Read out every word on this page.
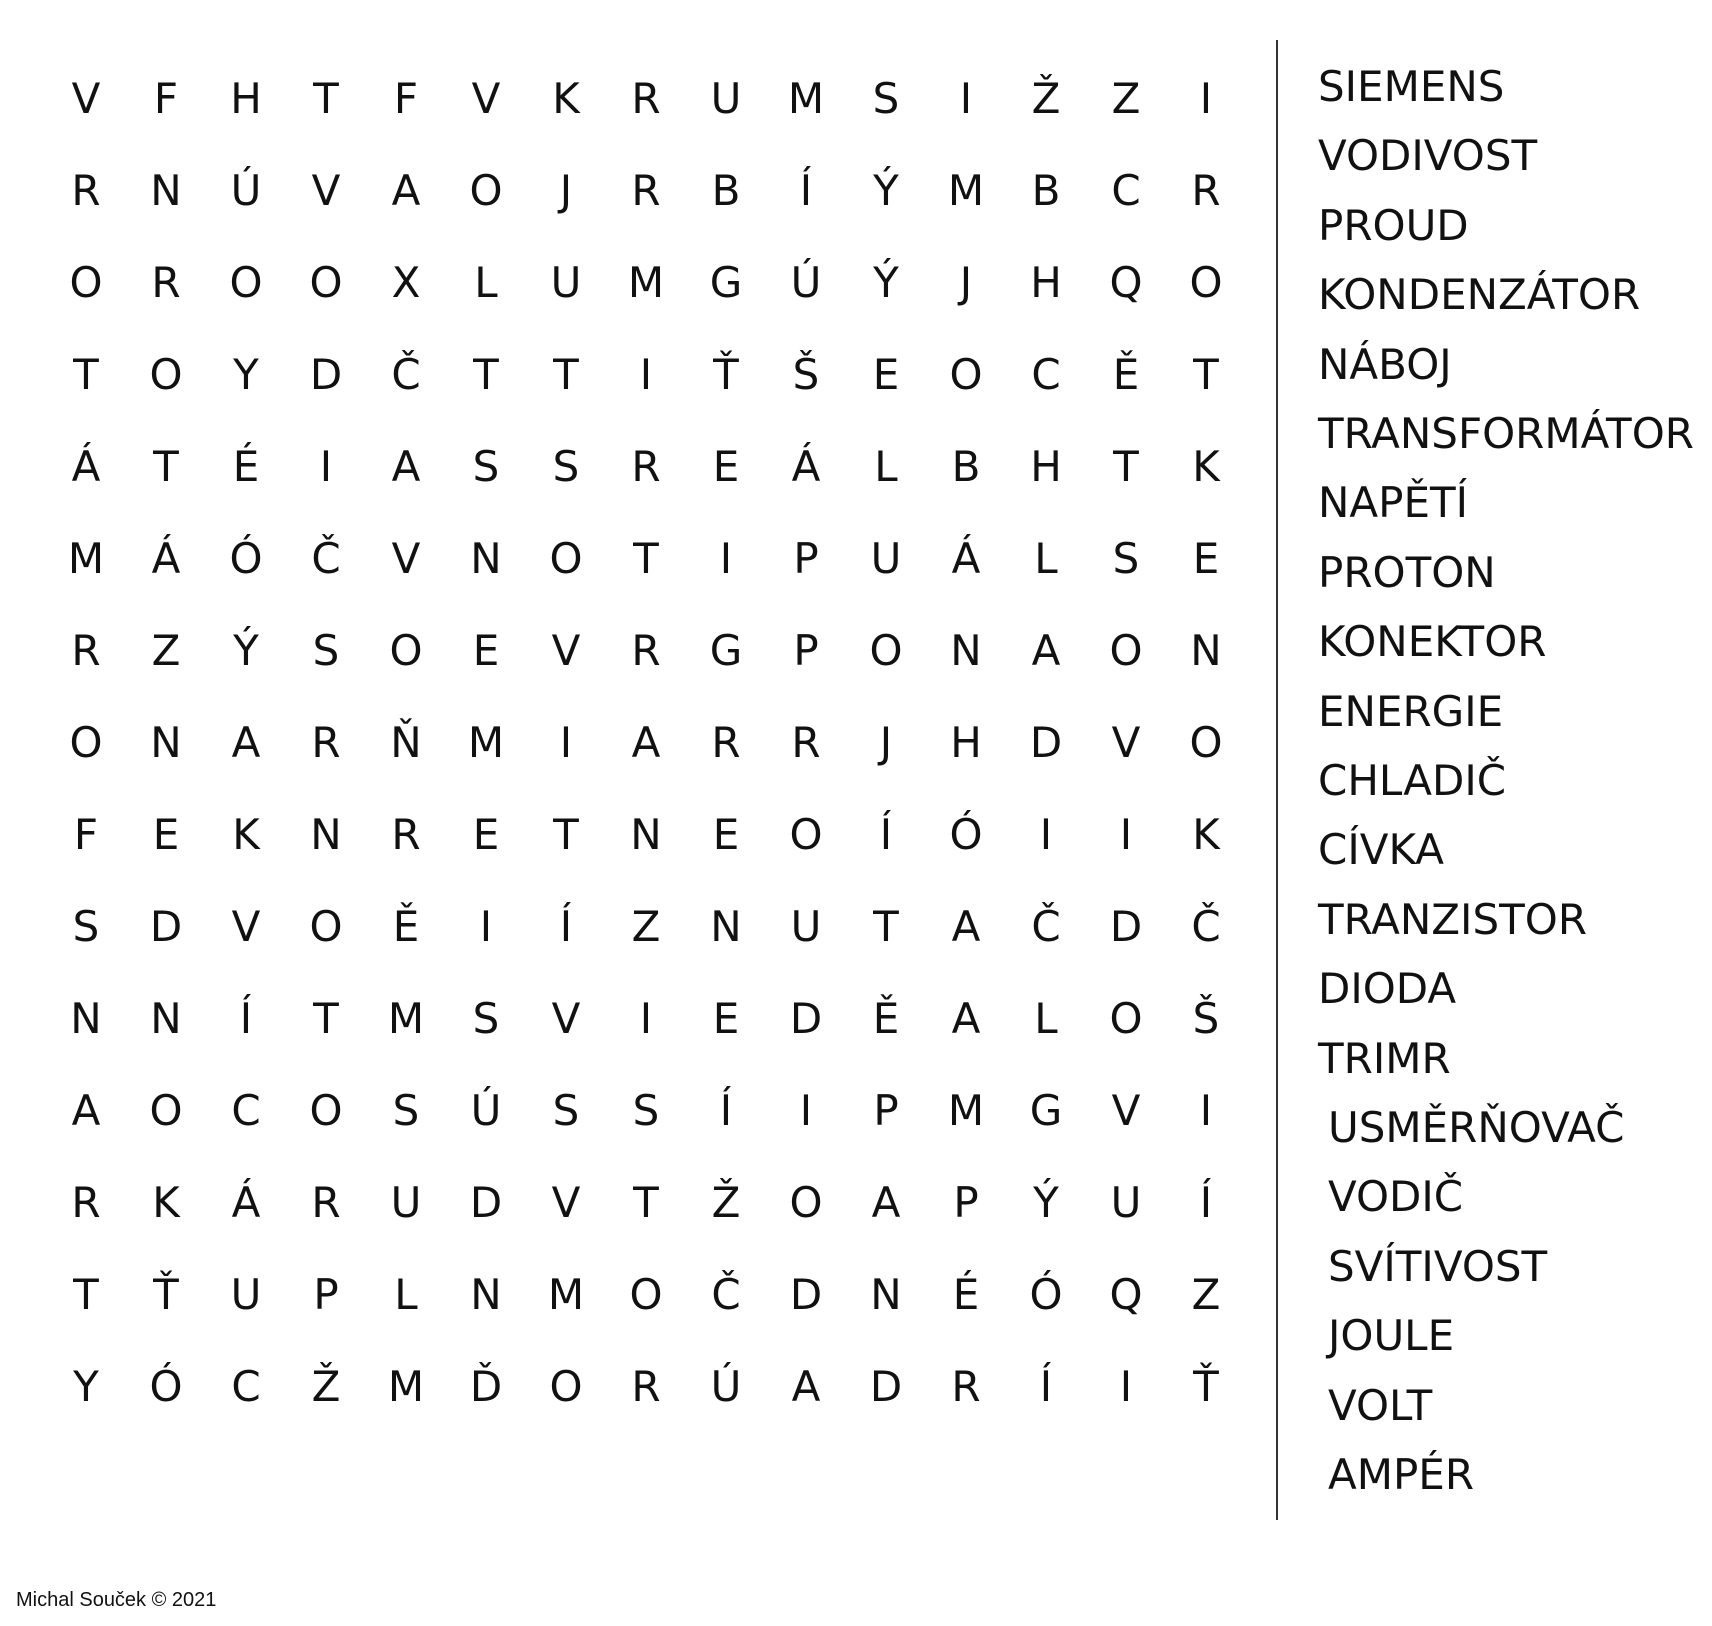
V	F	H	T	F	V	K	R	U	M	S	I	Ž	Z	I
R	N	Ú	V	A	O	J	R	B	Í	Ý	M	B	C	R
O	R	O	O	X	L	U	M	G	Ú	Ý	J	H	Q	O
T	O	Y	D	Č	T	T	I	Ť	Š	E	O	C	Ě	T
Á	T	É	I	A	S	S	R	E	Á	L	B	H	T	K
M	Á	Ó	Č	V	N	O	T	I	P	U	Á	L	S	E
R	Z	Ý	S	O	E	V	R	G	P	O	N	A	O	N
O	N	A	R	Ň	M	I	A	R	R	J	H	D	V	O
F	E	K	N	R	E	T	N	E	O	Í	Ó	I	I	K
S	D	V	O	Ě	I	Í	Z	N	U	T	A	Č	D	Č
N	N	Í	T	M	S	V	I	E	D	Ě	A	L	O	Š
A	O	C	O	S	Ú	S	S	Í	I	P	M	G	V	I
R	K	Á	R	U	D	V	T	Ž	O	A	P	Ý	U	Í
T	Ť	U	P	L	N	M	O	Č	D	N	É	Ó	Q	Z
Y	Ó	C	Ž	M	Ď	O	R	Ú	A	D	R	Í	I	Ť
SIEMENS
VODIVOST
PROUD
KONDENZÁTOR
NÁBOJ
TRANSFORMÁTOR
NAPĚTÍ
PROTON
KONEKTOR
ENERGIE
CHLADIČ
CÍVKA
TRANZISTOR
DIODA
TRIMR
USMĚRŇOVAČ
VODIČ
SVÍTIVOST
JOULE
VOLT
AMPÉR
Michal Souček © 2021
